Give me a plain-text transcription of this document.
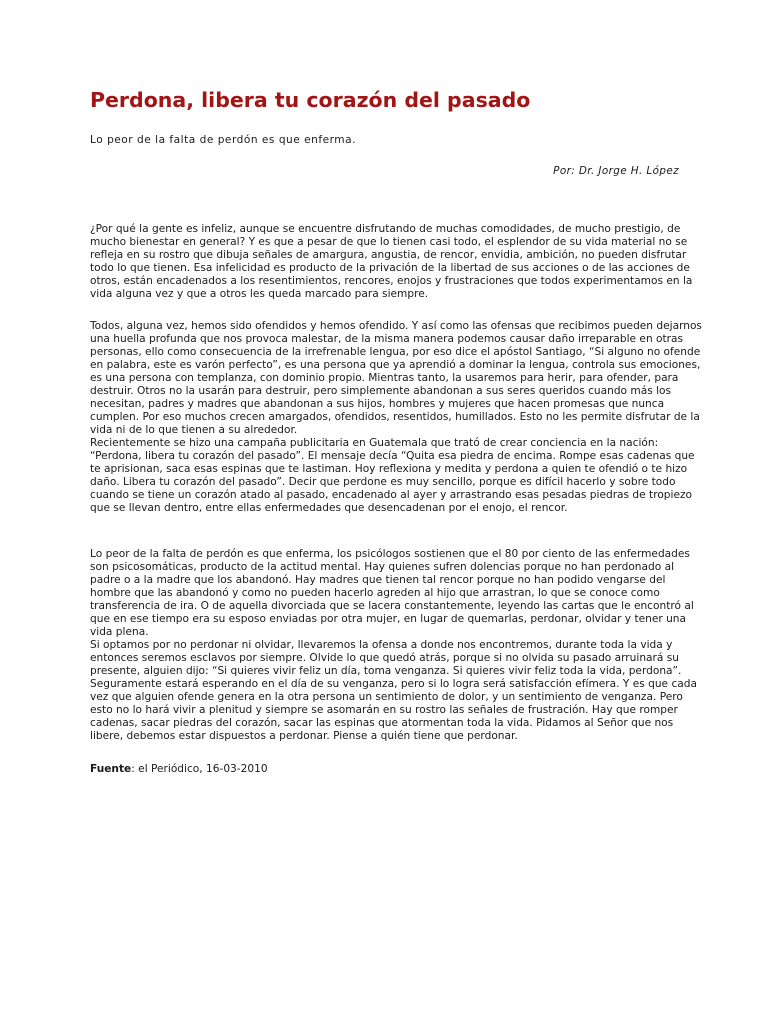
Perdona, libera tu corazón del pasado

Lo peor de la falta de perdón es que enferma.

Por: Dr. Jorge H. López

¿Por qué la gente es infeliz, aunque se encuentre disfrutando de muchas comodidades, de mucho prestigio, de
mucho bienestar en general? Y es que a pesar de que lo tienen casi todo, el esplendor de su vida material no se
refleja en su rostro que dibuja señales de amargura, angustia, de rencor, envidia, ambición, no pueden disfrutar
todo lo que tienen. Esa infelicidad es producto de la privación de la libertad de sus acciones o de las acciones de
otros, están encadenados a los resentimientos, rencores, enojos y frustraciones que todos experimentamos en la
vida alguna vez y que a otros les queda marcado para siempre.
Todos, alguna vez, hemos sido ofendidos y hemos ofendido. Y así como las ofensas que recibimos pueden dejarnos
una huella profunda que nos provoca malestar, de la misma manera podemos causar daño irreparable en otras
personas, ello como consecuencia de la irrefrenable lengua, por eso dice el apóstol Santiago, “Si alguno no ofende
en palabra, este es varón perfecto”, es una persona que ya aprendió a dominar la lengua, controla sus emociones,
es una persona con templanza, con dominio propio. Mientras tanto, la usaremos para herir, para ofender, para
destruir. Otros no la usarán para destruir, pero simplemente abandonan a sus seres queridos cuando más los
necesitan, padres y madres que abandonan a sus hijos, hombres y mujeres que hacen promesas que nunca
cumplen. Por eso muchos crecen amargados, ofendidos, resentidos, humillados. Esto no les permite disfrutar de la
vida ni de lo que tienen a su alrededor.
Recientemente se hizo una campaña publicitaria en Guatemala que trató de crear conciencia en la nación:
“Perdona, libera tu corazón del pasado”. El mensaje decía “Quita esa piedra de encima. Rompe esas cadenas que
te aprisionan, saca esas espinas que te lastiman. Hoy reflexiona y medita y perdona a quien te ofendió o te hizo
daño. Libera tu corazón del pasado”. Decir que perdone es muy sencillo, porque es difícil hacerlo y sobre todo
cuando se tiene un corazón atado al pasado, encadenado al ayer y arrastrando esas pesadas piedras de tropiezo
que se llevan dentro, entre ellas enfermedades que desencadenan por el enojo, el rencor.
Lo peor de la falta de perdón es que enferma, los psicólogos sostienen que el 80 por ciento de las enfermedades
son psicosomáticas, producto de la actitud mental. Hay quienes sufren dolencias porque no han perdonado al
padre o a la madre que los abandonó. Hay madres que tienen tal rencor porque no han podido vengarse del
hombre que las abandonó y como no pueden hacerlo agreden al hijo que arrastran, lo que se conoce como
transferencia de ira. O de aquella divorciada que se lacera constantemente, leyendo las cartas que le encontró al
que en ese tiempo era su esposo enviadas por otra mujer, en lugar de quemarlas, perdonar, olvidar y tener una
vida plena.
Si optamos por no perdonar ni olvidar, llevaremos la ofensa a donde nos encontremos, durante toda la vida y
entonces seremos esclavos por siempre. Olvide lo que quedó atrás, porque si no olvida su pasado arruinará su
presente, alguien dijo: “Si quieres vivir feliz un día, toma venganza. Si quieres vivir feliz toda la vida, perdona”.
Seguramente estará esperando en el día de su venganza, pero si lo logra será satisfacción efímera. Y es que cada
vez que alguien ofende genera en la otra persona un sentimiento de dolor, y un sentimiento de venganza. Pero
esto no lo hará vivir a plenitud y siempre se asomarán en su rostro las señales de frustración. Hay que romper
cadenas, sacar piedras del corazón, sacar las espinas que atormentan toda la vida. Pidamos al Señor que nos
libere, debemos estar dispuestos a perdonar. Piense a quién tiene que perdonar.

Fuente: el Periódico, 16-03-2010
